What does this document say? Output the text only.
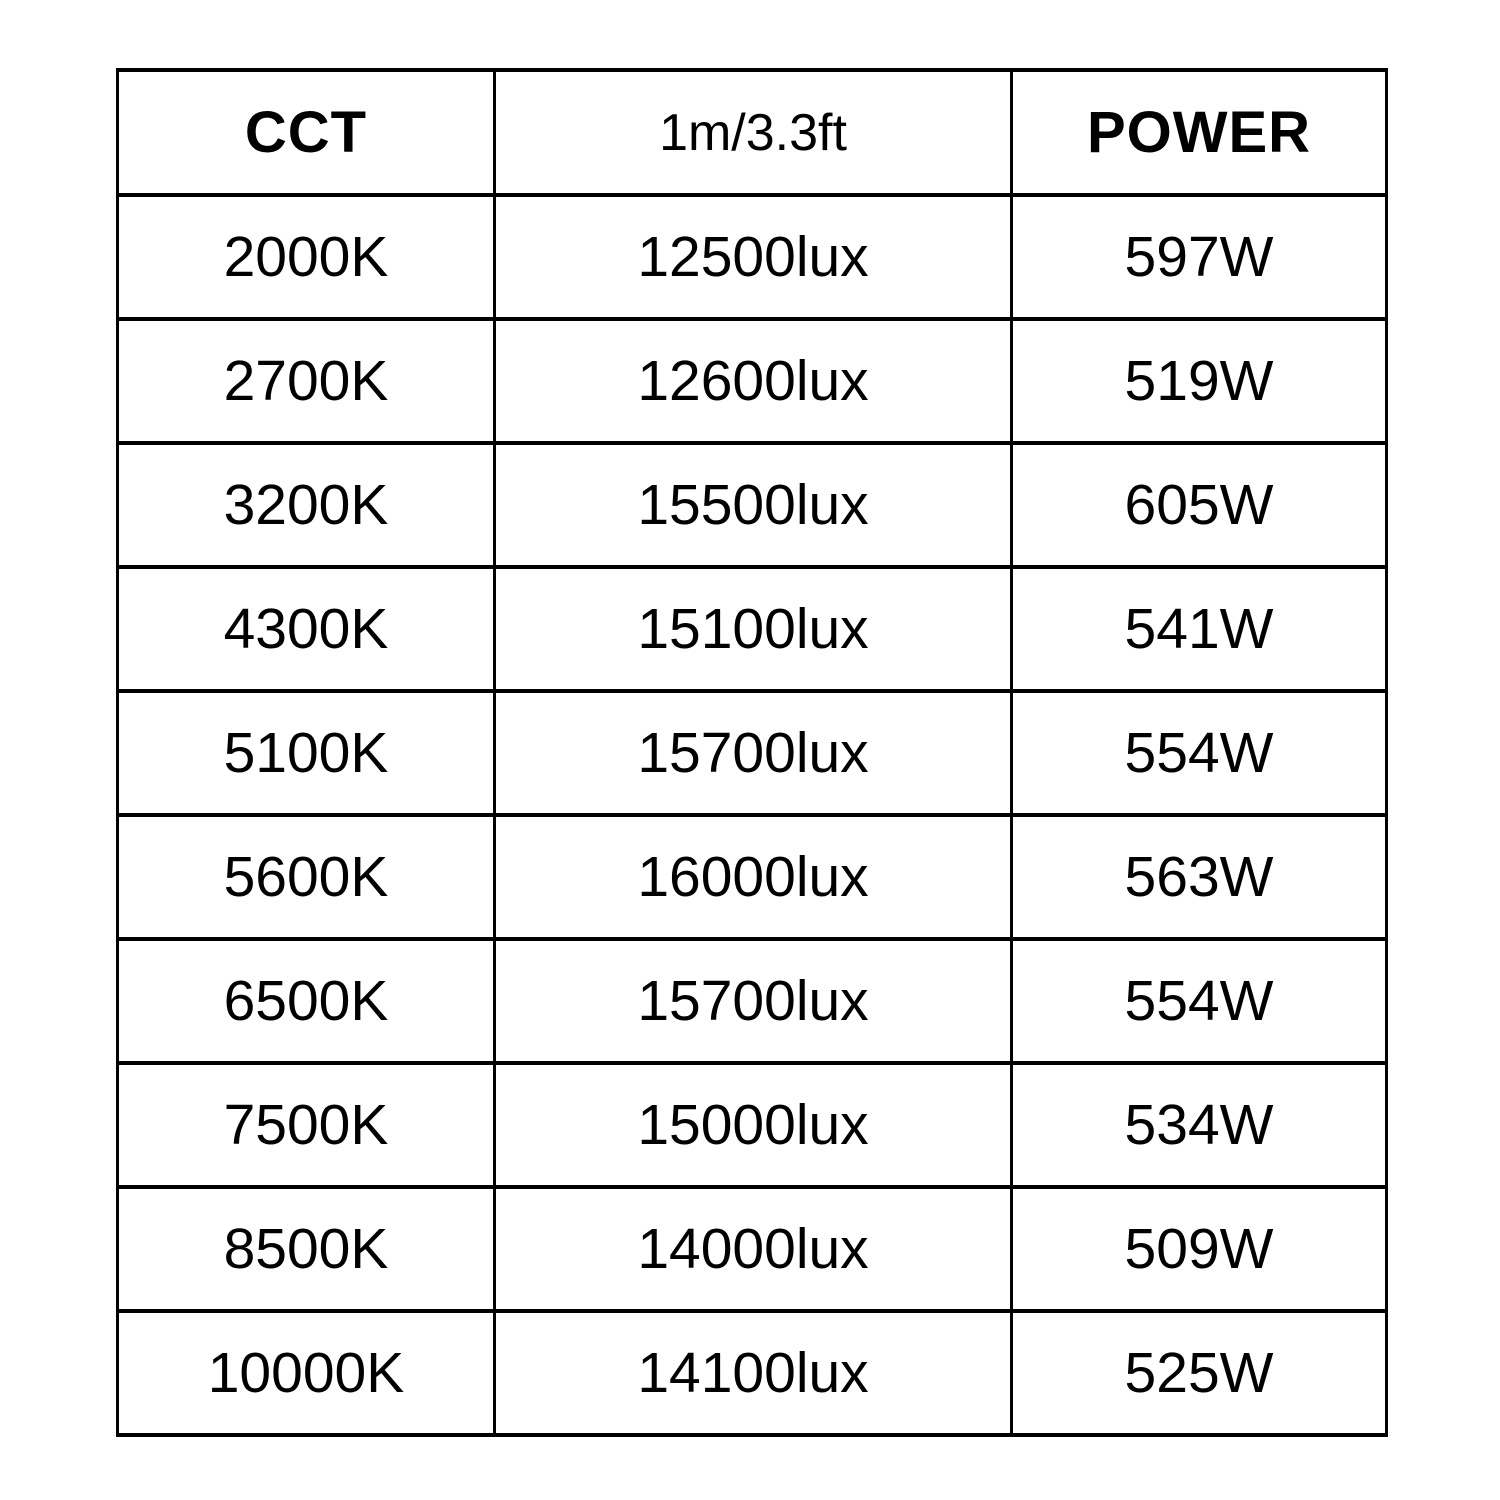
CCT	1m/3.3ft	POWER
2000K	12500lux	597W
2700K	12600lux	519W
3200K	15500lux	605W
4300K	15100lux	541W
5100K	15700lux	554W
5600K	16000lux	563W
6500K	15700lux	554W
7500K	15000lux	534W
8500K	14000lux	509W
10000K	14100lux	525W
